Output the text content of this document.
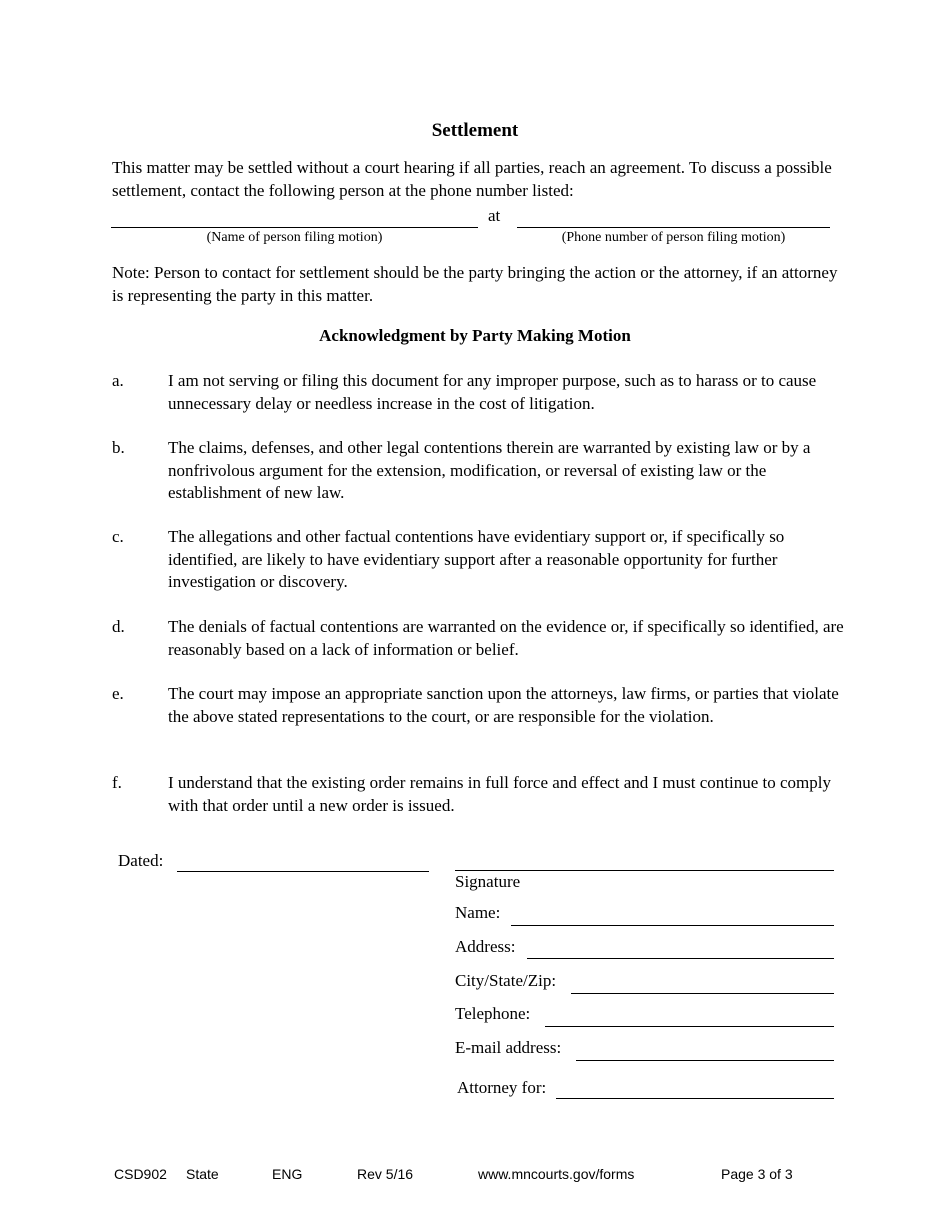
Settlement
This matter may be settled without a court hearing if all parties, reach an agreement. To discuss a possible settlement, contact the following person at the phone number listed:
at
(Name of person filing motion)	(Phone number of person filing motion)
Note: Person to contact for settlement should be the party bringing the action or the attorney, if an attorney is representing the party in this matter.
Acknowledgment by Party Making Motion
a.	I am not serving or filing this document for any improper purpose, such as to harass or to cause unnecessary delay or needless increase in the cost of litigation.
b.	The claims, defenses, and other legal contentions therein are warranted by existing law or by a nonfrivolous argument for the extension, modification, or reversal of existing law or the establishment of new law.
c.	The allegations and other factual contentions have evidentiary support or, if specifically so identified, are likely to have evidentiary support after a reasonable opportunity for further investigation or discovery.
d.	The denials of factual contentions are warranted on the evidence or, if specifically so identified, are reasonably based on a lack of information or belief.
e.	The court may impose an appropriate sanction upon the attorneys, law firms, or parties that violate the above stated representations to the court, or are responsible for the violation.
f.	I understand that the existing order remains in full force and effect and I must continue to comply with that order until a new order is issued.
Dated:
Signature
Name:
Address:
City/State/Zip:
Telephone:
E-mail address:
Attorney for:
CSD902 State	ENG	Rev 5/16	www.mncourts.gov/forms	Page 3 of 3
